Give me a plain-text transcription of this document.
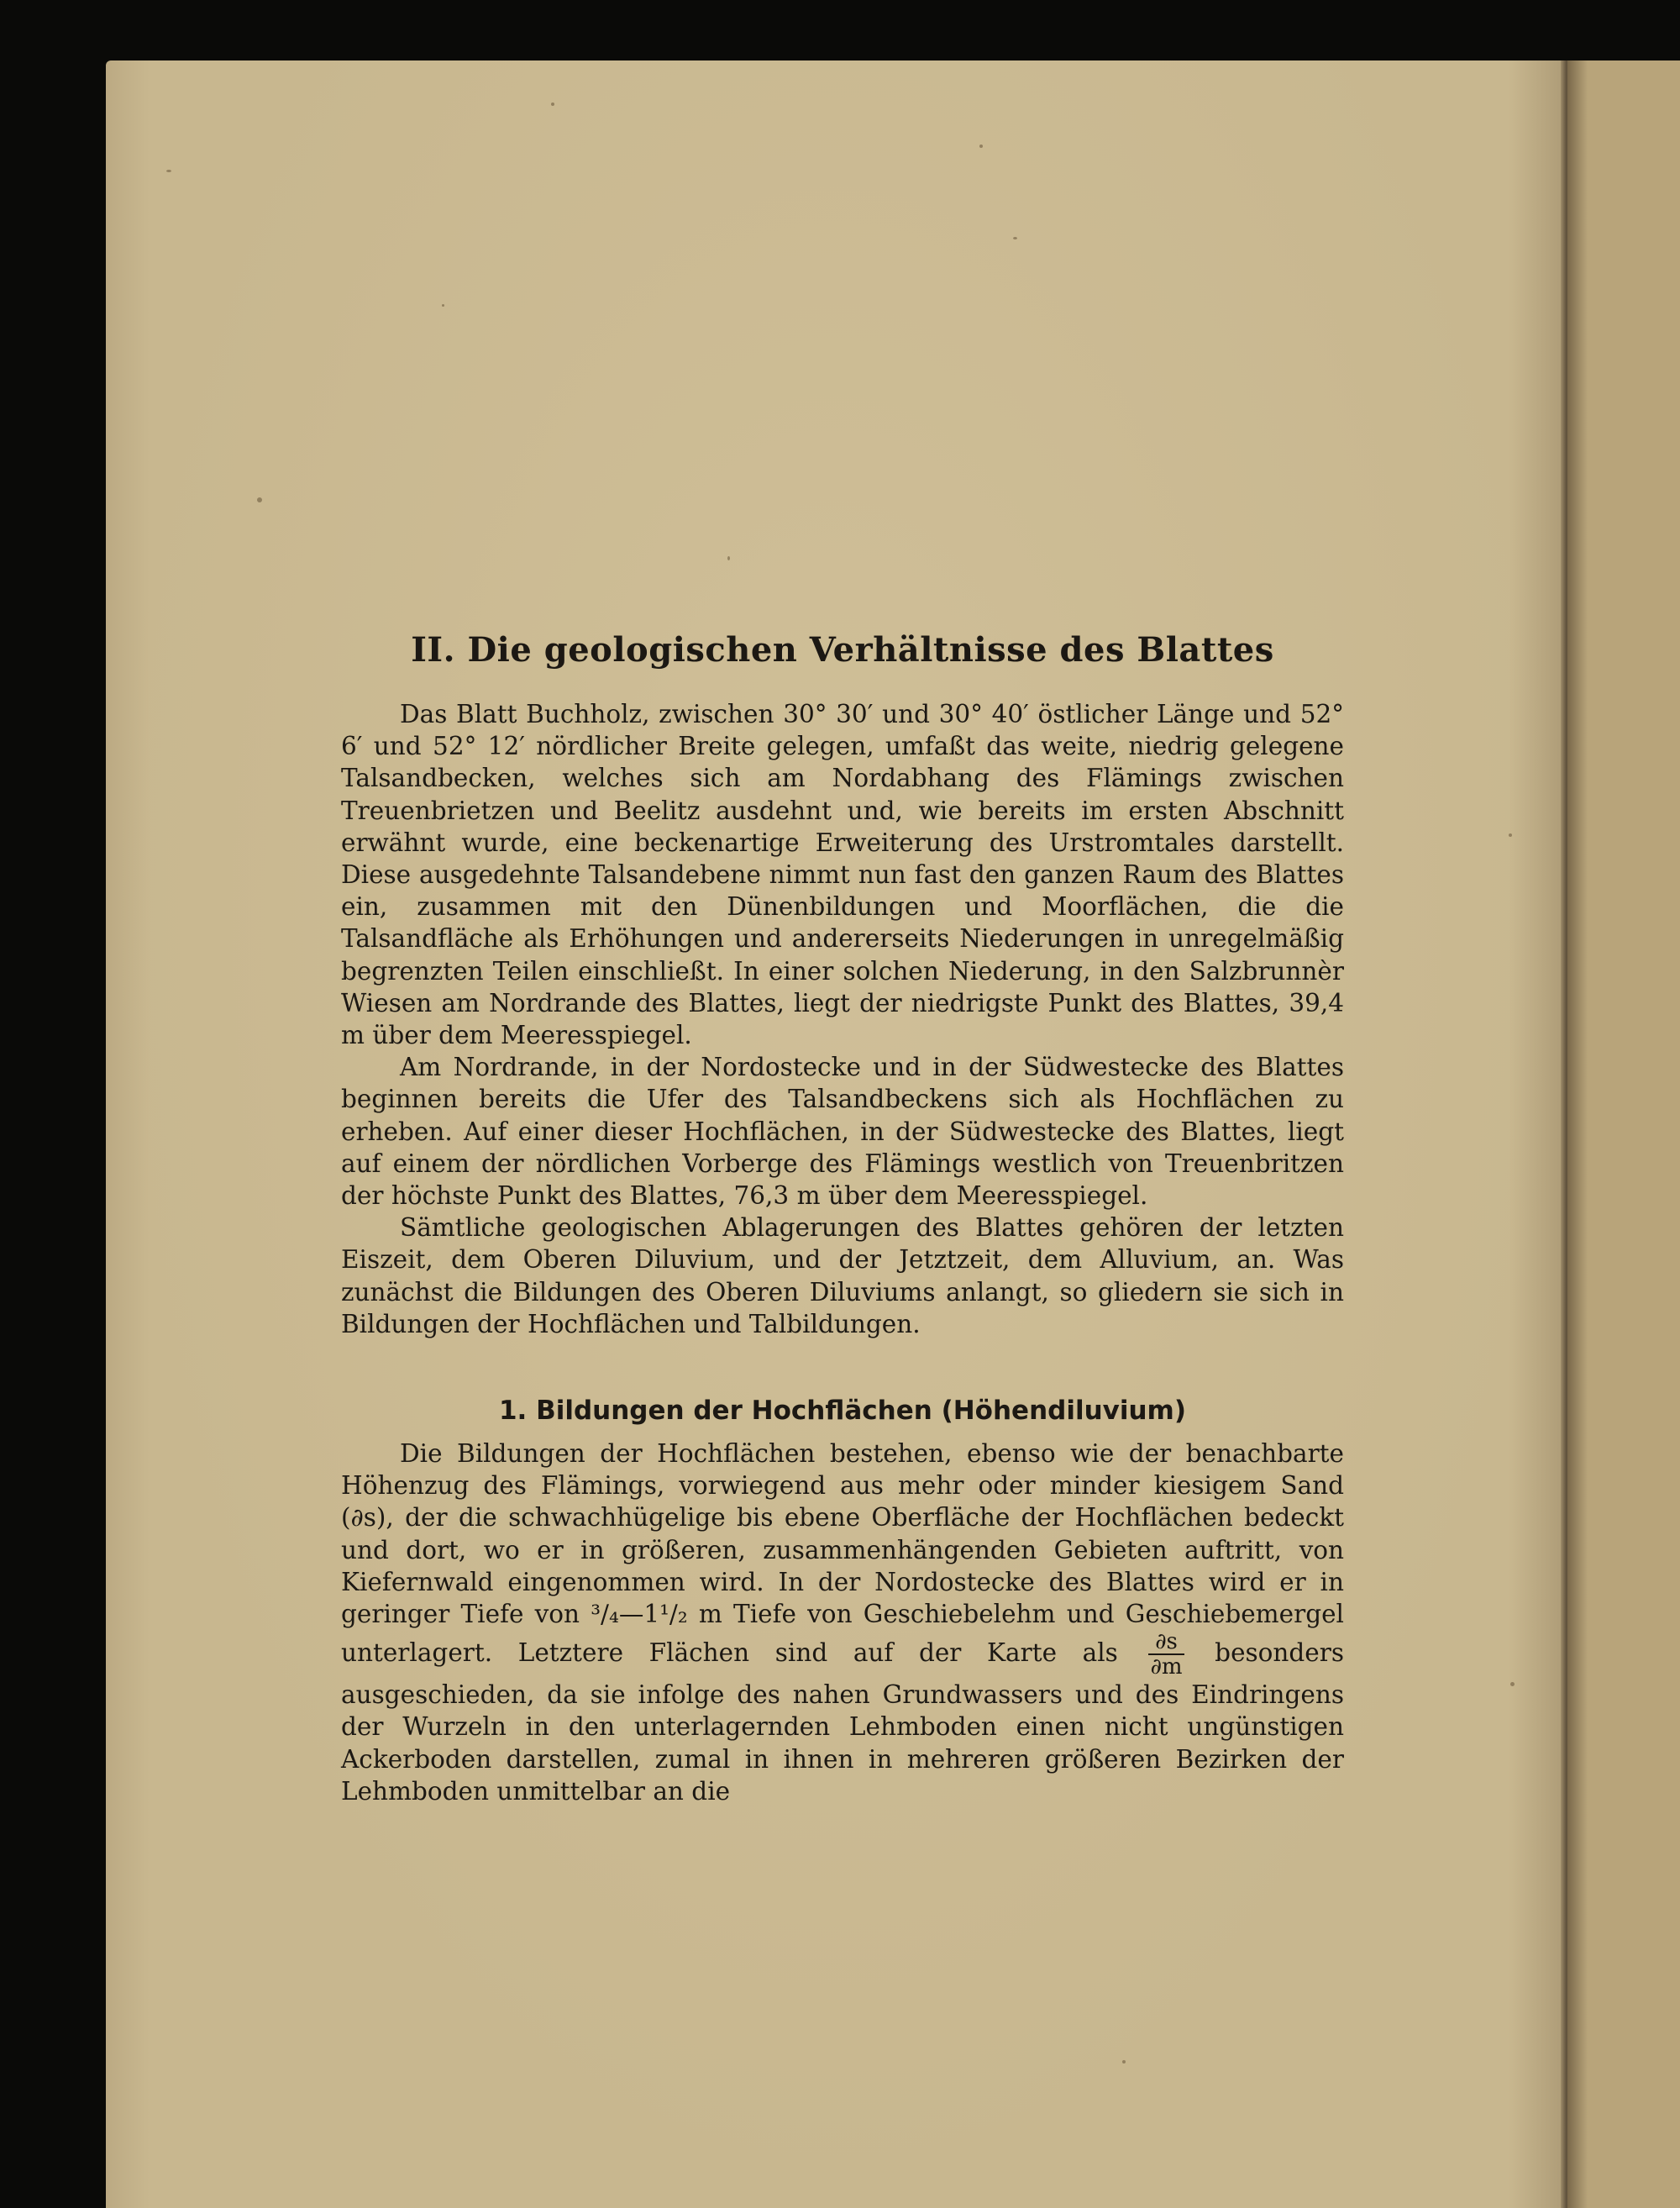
II. Die geologischen Verhältnisse des Blattes

Das Blatt Buchholz, zwischen 30° 30′ und 30° 40′ östlicher Länge und 52° 6′ und 52° 12′ nördlicher Breite gelegen, umfaßt das weite, niedrig gelegene Talsandbecken, welches sich am Nordabhang des Flämings zwischen Treuenbrietzen und Beelitz ausdehnt und, wie bereits im ersten Abschnitt erwähnt wurde, eine beckenartige Erweiterung des Urstromtales darstellt. Diese ausgedehnte Talsandebene nimmt nun fast den ganzen Raum des Blattes ein, zusammen mit den Dünenbildungen und Moorflächen, die die Talsandfläche als Erhöhungen und andererseits Niederungen in unregelmäßig begrenzten Teilen einschließt. In einer solchen Niederung, in den Salzbrunnèr Wiesen am Nordrande des Blattes, liegt der niedrigste Punkt des Blattes, 39,4 m über dem Meeresspiegel.

Am Nordrande, in der Nordostecke und in der Südwestecke des Blattes beginnen bereits die Ufer des Talsandbeckens sich als Hochflächen zu erheben. Auf einer dieser Hochflächen, in der Südwestecke des Blattes, liegt auf einem der nördlichen Vorberge des Flämings westlich von Treuenbritzen der höchste Punkt des Blattes, 76,3 m über dem Meeresspiegel.

Sämtliche geologischen Ablagerungen des Blattes gehören der letzten Eiszeit, dem Oberen Diluvium, und der Jetztzeit, dem Alluvium, an. Was zunächst die Bildungen des Oberen Diluviums anlangt, so gliedern sie sich in Bildungen der Hochflächen und Talbildungen.

1. Bildungen der Hochflächen (Höhendiluvium)

Die Bildungen der Hochflächen bestehen, ebenso wie der benachbarte Höhenzug des Flämings, vorwiegend aus mehr oder minder kiesigem Sand (∂s), der die schwachhügelige bis ebene Oberfläche der Hochflächen bedeckt und dort, wo er in größeren, zusammenhängenden Gebieten auftritt, von Kiefernwald eingenommen wird. In der Nordostecke des Blattes wird er in geringer Tiefe von ³/₄—1¹/₂ m Tiefe von Geschiebelehm und Geschiebemergel unterlagert. Letztere Flächen sind auf der Karte als $\frac{\partial s}{\partial m}$ besonders ausgeschieden, da sie infolge des nahen Grundwassers und des Eindringens der Wurzeln in den unterlagernden Lehmboden einen nicht ungünstigen Ackerboden darstellen, zumal in ihnen in mehreren größeren Bezirken der Lehmboden unmittelbar an die
